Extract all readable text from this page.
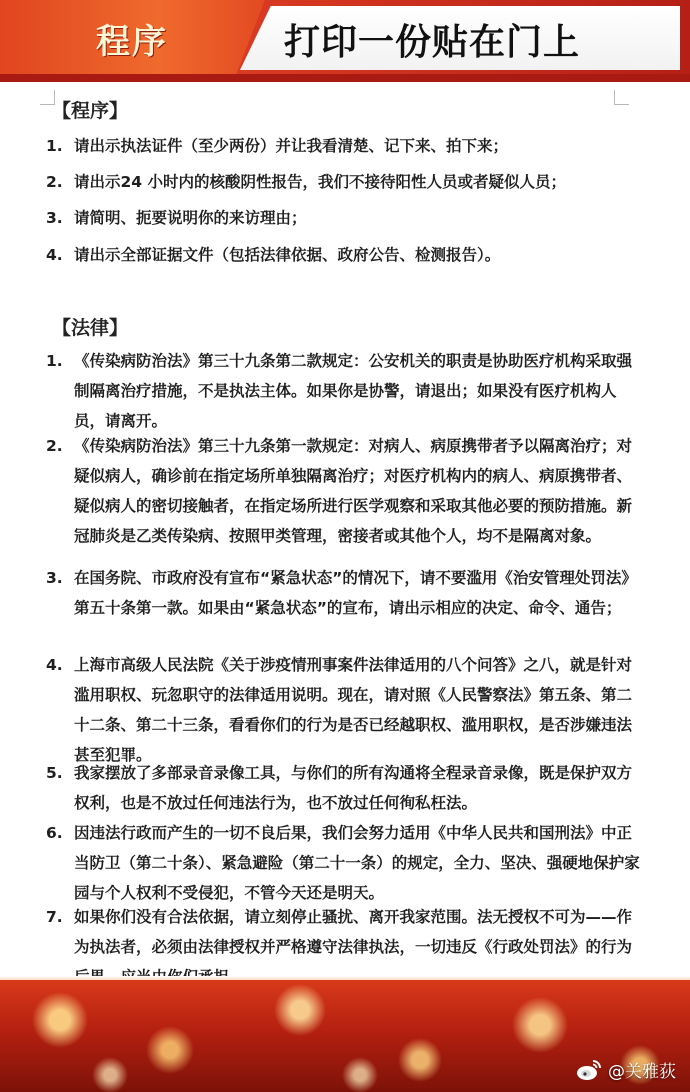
程序	打印一份贴在门上
【程序】
1. 请出示执法证件（至少两份）并让我看清楚、记下来、拍下来；
2. 请出示24 小时内的核酸阴性报告，我们不接待阳性人员或者疑似人员；
3. 请简明、扼要说明你的来访理由；
4. 请出示全部证据文件（包括法律依据、政府公告、检测报告）。
【法律】
1. 《传染病防治法》第三十九条第二款规定：公安机关的职责是协助医疗机构采取强制隔离治疗措施，不是执法主体。如果你是协警，请退出；如果没有医疗机构人员，请离开。
2. 《传染病防治法》第三十九条第一款规定：对病人、病原携带者予以隔离治疗；对疑似病人，确诊前在指定场所单独隔离治疗；对医疗机构内的病人、病原携带者、疑似病人的密切接触者，在指定场所进行医学观察和采取其他必要的预防措施。新冠肺炎是乙类传染病、按照甲类管理，密接者或其他个人，均不是隔离对象。
3. 在国务院、市政府没有宣布“紧急状态”的情况下，请不要滥用《治安管理处罚法》第五十条第一款。如果由“紧急状态”的宣布，请出示相应的决定、命令、通告；
4. 上海市高级人民法院《关于涉疫情刑事案件法律适用的八个问答》之八，就是针对滥用职权、玩忽职守的法律适用说明。现在，请对照《人民警察法》第五条、第二十二条、第二十三条，看看你们的行为是否已经越职权、滥用职权，是否涉嫌违法甚至犯罪。
5. 我家摆放了多部录音录像工具，与你们的所有沟通将全程录音录像，既是保护双方权利，也是不放过任何违法行为，也不放过任何徇私枉法。
6. 因违法行政而产生的一切不良后果，我们会努力适用《中华人民共和国刑法》中正当防卫（第二十条）、紧急避险（第二十一条）的规定，全力、坚决、强硬地保护家园与个人权利不受侵犯，不管今天还是明天。
7. 如果你们没有合法依据，请立刻停止骚扰、离开我家范围。法无授权不可为——作为执法者，必须由法律授权并严格遵守法律执法，一切违反《行政处罚法》的行为
@关雅荻
